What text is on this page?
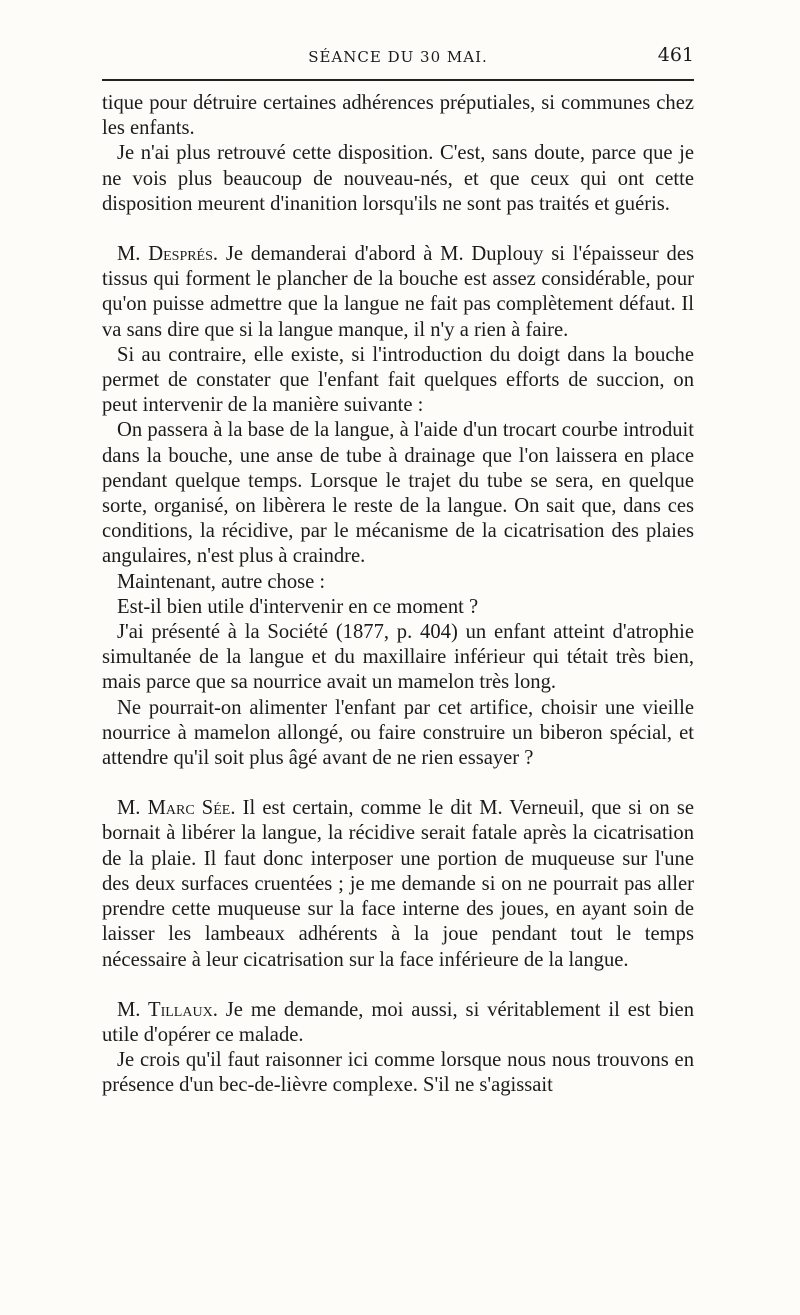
SÉANCE DU 30 MAI.	461

tique pour détruire certaines adhérences préputiales, si communes chez les enfants.

Je n'ai plus retrouvé cette disposition. C'est, sans doute, parce que je ne vois plus beaucoup de nouveau-nés, et que ceux qui ont cette disposition meurent d'inanition lorsqu'ils ne sont pas traités et guéris.

M. Després. Je demanderai d'abord à M. Duplouy si l'épaisseur des tissus qui forment le plancher de la bouche est assez considérable, pour qu'on puisse admettre que la langue ne fait pas complètement défaut. Il va sans dire que si la langue manque, il n'y a rien à faire.

Si au contraire, elle existe, si l'introduction du doigt dans la bouche permet de constater que l'enfant fait quelques efforts de succion, on peut intervenir de la manière suivante :

On passera à la base de la langue, à l'aide d'un trocart courbe introduit dans la bouche, une anse de tube à drainage que l'on laissera en place pendant quelque temps. Lorsque le trajet du tube se sera, en quelque sorte, organisé, on libèrera le reste de la langue. On sait que, dans ces conditions, la récidive, par le mécanisme de la cicatrisation des plaies angulaires, n'est plus à craindre.

Maintenant, autre chose :

Est-il bien utile d'intervenir en ce moment ?

J'ai présenté à la Société (1877, p. 404) un enfant atteint d'atrophie simultanée de la langue et du maxillaire inférieur qui tétait très bien, mais parce que sa nourrice avait un mamelon très long.

Ne pourrait-on alimenter l'enfant par cet artifice, choisir une vieille nourrice à mamelon allongé, ou faire construire un biberon spécial, et attendre qu'il soit plus âgé avant de ne rien essayer ?

M. Marc Sée. Il est certain, comme le dit M. Verneuil, que si on se bornait à libérer la langue, la récidive serait fatale après la cicatrisation de la plaie. Il faut donc interposer une portion de muqueuse sur l'une des deux surfaces cruentées ; je me demande si on ne pourrait pas aller prendre cette muqueuse sur la face interne des joues, en ayant soin de laisser les lambeaux adhérents à la joue pendant tout le temps nécessaire à leur cicatrisation sur la face inférieure de la langue.

M. Tillaux. Je me demande, moi aussi, si véritablement il est bien utile d'opérer ce malade.

Je crois qu'il faut raisonner ici comme lorsque nous nous trouvons en présence d'un bec-de-lièvre complexe. S'il ne s'agissait
